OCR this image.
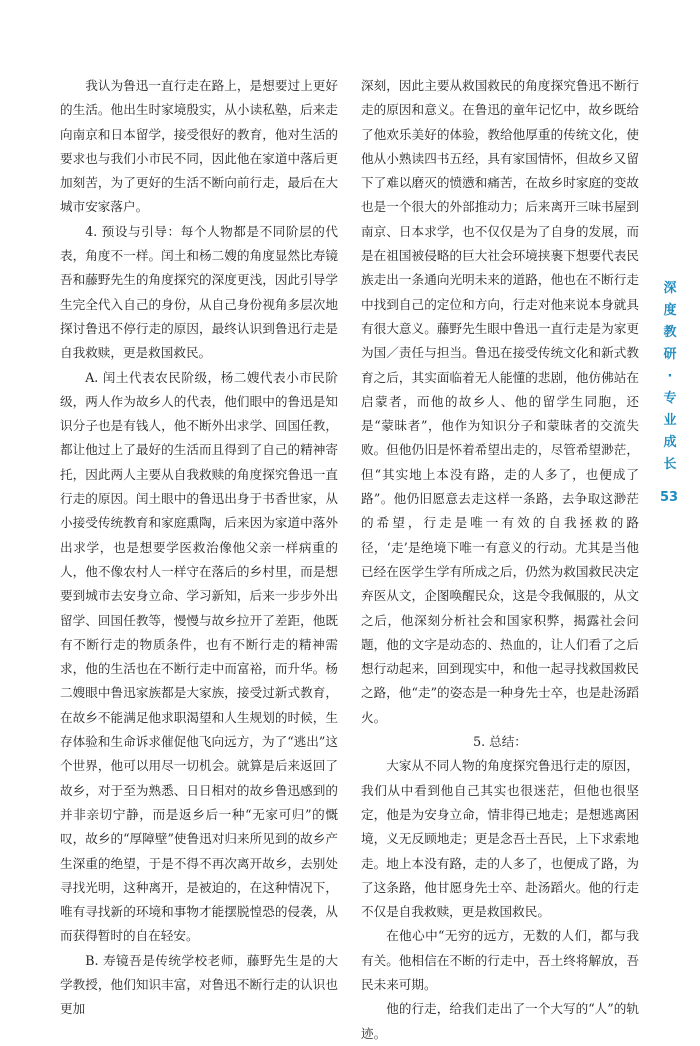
我认为鲁迅一直行走在路上，是想要过上更好的生活。他出生时家境殷实，从小读私塾，后来走向南京和日本留学，接受很好的教育，他对生活的要求也与我们小市民不同，因此他在家道中落后更加刻苦，为了更好的生活不断向前行走，最后在大城市安家落户。

4. 预设与引导：每个人物都是不同阶层的代表，角度不一样。闰土和杨二嫂的角度显然比寿镜吾和藤野先生的角度探究的深度更浅，因此引导学生完全代入自己的身份，从自己身份视角多层次地探讨鲁迅不停行走的原因，最终认识到鲁迅行走是自我救赎，更是救国救民。

A. 闰土代表农民阶级，杨二嫂代表小市民阶级，两人作为故乡人的代表，他们眼中的鲁迅是知识分子也是有钱人，他不断外出求学、回国任教，都让他过上了最好的生活而且得到了自己的精神寄托，因此两人主要从自我救赎的角度探究鲁迅一直行走的原因。闰土眼中的鲁迅出身于书香世家，从小接受传统教育和家庭熏陶，后来因为家道中落外出求学，也是想要学医救治像他父亲一样病重的人，他不像农村人一样守在落后的乡村里，而是想要到城市去安身立命、学习新知，后来一步步外出留学、回国任教等，慢慢与故乡拉开了差距，他既有不断行走的物质条件，也有不断行走的精神需求，他的生活也在不断行走中而富裕，而升华。杨二嫂眼中鲁迅家族都是大家族，接受过新式教育，在故乡不能满足他求职渴望和人生规划的时候，生存体验和生命诉求催促他飞向远方，为了“逃出”这个世界，他可以用尽一切机会。就算是后来返回了故乡，对于至为熟悉、日日相对的故乡鲁迅感到的并非亲切宁静，而是返乡后一种“无家可归”的慨叹，故乡的“厚障壁”使鲁迅对归来所见到的故乡产生深重的绝望，于是不得不再次离开故乡，去别处寻找光明，这种离开，是被迫的，在这种情况下，唯有寻找新的环境和事物才能摆脱惶恐的侵袭，从而获得暂时的自在轻安。

B. 寿镜吾是传统学校老师，藤野先生是的大学教授，他们知识丰富，对鲁迅不断行走的认识也更加

深刻，因此主要从救国救民的角度探究鲁迅不断行走的原因和意义。在鲁迅的童年记忆中，故乡既给了他欢乐美好的体验，教给他厚重的传统文化，使他从小熟读四书五经，具有家国情怀，但故乡又留下了难以磨灭的愤懑和痛苦，在故乡时家庭的变故也是一个很大的外部推动力；后来离开三味书屋到南京、日本求学，也不仅仅是为了自身的发展，而是在祖国被侵略的巨大社会环境挟裹下想要代表民族走出一条通向光明未来的道路，他也在不断行走中找到自己的定位和方向，行走对他来说本身就具有很大意义。藤野先生眼中鲁迅一直行走是为家更为国／责任与担当。鲁迅在接受传统文化和新式教育之后，其实面临着无人能懂的悲剧，他仿佛站在启蒙者，而他的故乡人、他的留学生同胞，还是“蒙昧者”，他作为知识分子和蒙昧者的交流失败。但他仍旧是怀着希望出走的，尽管希望渺茫，但“其实地上本没有路，走的人多了，也便成了路”。他仍旧愿意去走这样一条路，去争取这渺茫的希望，行走是唯一有效的自我拯救的路径，‘走’是绝境下唯一有意义的行动。尤其是当他已经在医学生学有所成之后，仍然为救国救民决定弃医从文，企图唤醒民众，这是令我佩服的，从文之后，他深刻分析社会和国家积弊，揭露社会问题，他的文字是动态的、热血的，让人们看了之后想行动起来，回到现实中，和他一起寻找救国救民之路，他“走”的姿态是一种身先士卒，也是赴汤蹈火。

5. 总结：

大家从不同人物的角度探究鲁迅行走的原因，我们从中看到他自己其实也很迷茫，但他也很坚定，他是为安身立命，情非得已地走；是想逃离困境，义无反顾地走；更是念吾土吾民，上下求索地走。地上本没有路，走的人多了，也便成了路，为了这条路，他甘愿身先士卒、赴汤蹈火。他的行走不仅是自我救赎，更是救国救民。

在他心中“无穷的远方，无数的人们，都与我有关。他相信在不断的行走中，吾土终将解放，吾民未来可期。

他的行走，给我们走出了一个大写的“人”的轨迹。

深
度
教
研
·
专
业
成
长
53
